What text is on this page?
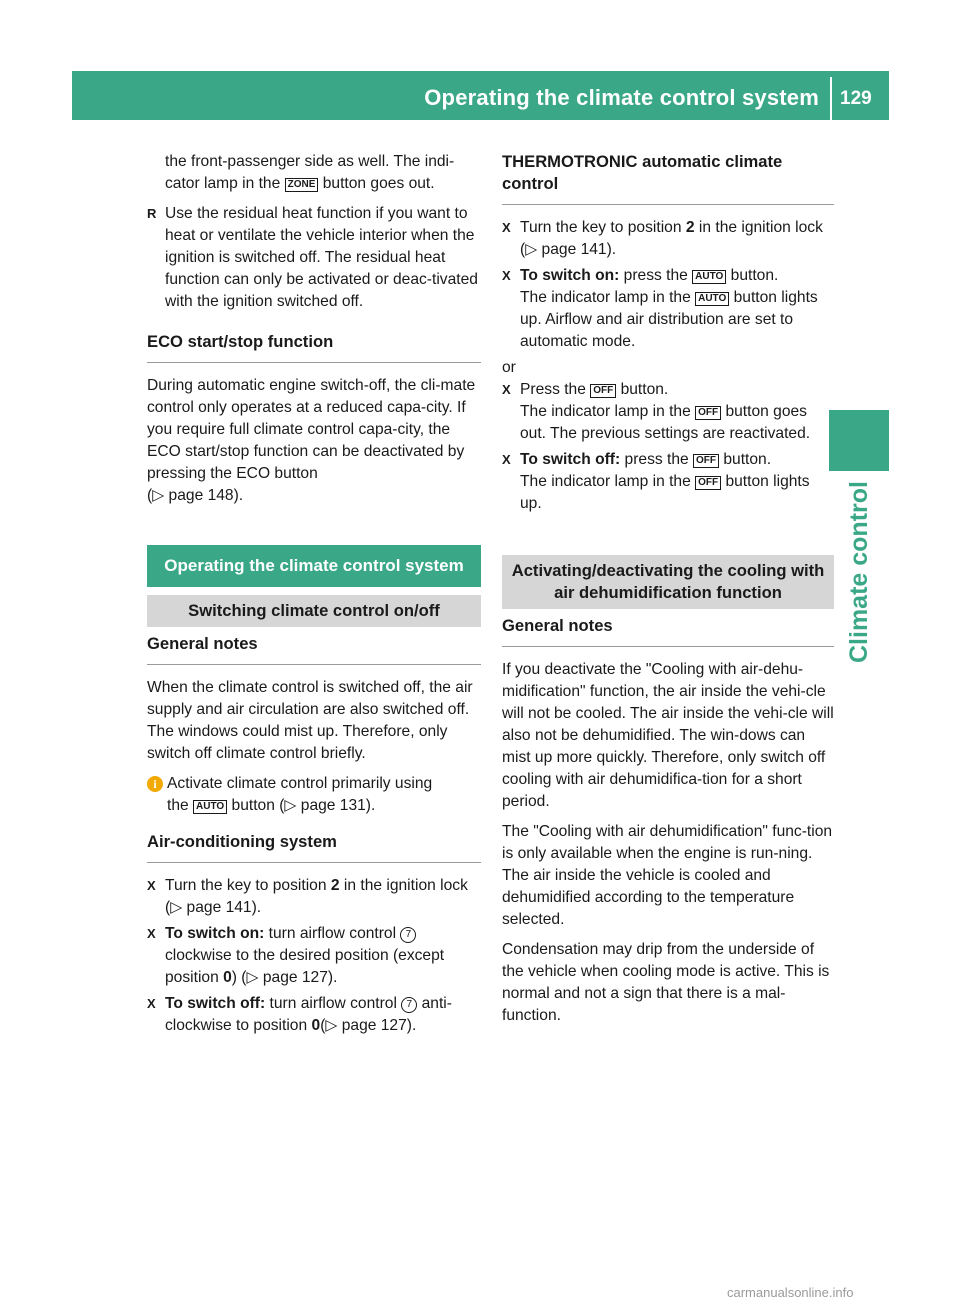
Operating the climate control system 129
Climate control

the front-passenger side as well. The indi- cator lamp in the ZONE button goes out.

R Use the residual heat function if you want to heat or ventilate the vehicle interior when the ignition is switched off. The residual heat function can only be activated or deac-tivated with the ignition switched off.
ECO start/stop function

During automatic engine switch-off, the cli-mate control only operates at a reduced capa-city. If you require full climate control capa-city, the ECO start/stop function can be deactivated by pressing the ECO button
(▷ page 148).

Operating the climate control system
Switching climate control on/off
General notes

When the climate control is switched off, the air supply and air circulation are also switched off. The windows could mist up. Therefore, only switch off climate control briefly.

i Activate climate control primarily using
the AUTO button (▷ page 131).
Air-conditioning system
X Turn the key to position 2 in the ignition lock (▷ page 141).
X To switch on: turn airflow control 7 clockwise to the desired position (except position 0) (▷ page 127).
X To switch off: turn airflow control 7 anti- clockwise to position 0(▷ page 127).
THERMOTRONIC automatic climate control
X Turn the key to position 2 in the ignition lock (▷ page 141).
X To switch on: press the AUTO button.
The indicator lamp in the AUTO button lights up. Airflow and air distribution are set to automatic mode.

or

X Press the OFF button.
The indicator lamp in the OFF button goes out. The previous settings are reactivated.
X To switch off: press the OFF button.
The indicator lamp in the OFF button lights up.
Activating/deactivating the cooling with air dehumidification function
General notes

If you deactivate the "Cooling with air-dehu-midification" function, the air inside the vehi-cle will not be cooled. The air inside the vehi-cle will also not be dehumidified. The win-dows can mist up more quickly. Therefore, only switch off cooling with air dehumidifica-tion for a short period.

The "Cooling with air dehumidification" func-tion is only available when the engine is run-ning. The air inside the vehicle is cooled and dehumidified according to the temperature selected.

Condensation may drip from the underside of the vehicle when cooling mode is active. This is normal and not a sign that there is a mal-function.

carmanualsonline.info
